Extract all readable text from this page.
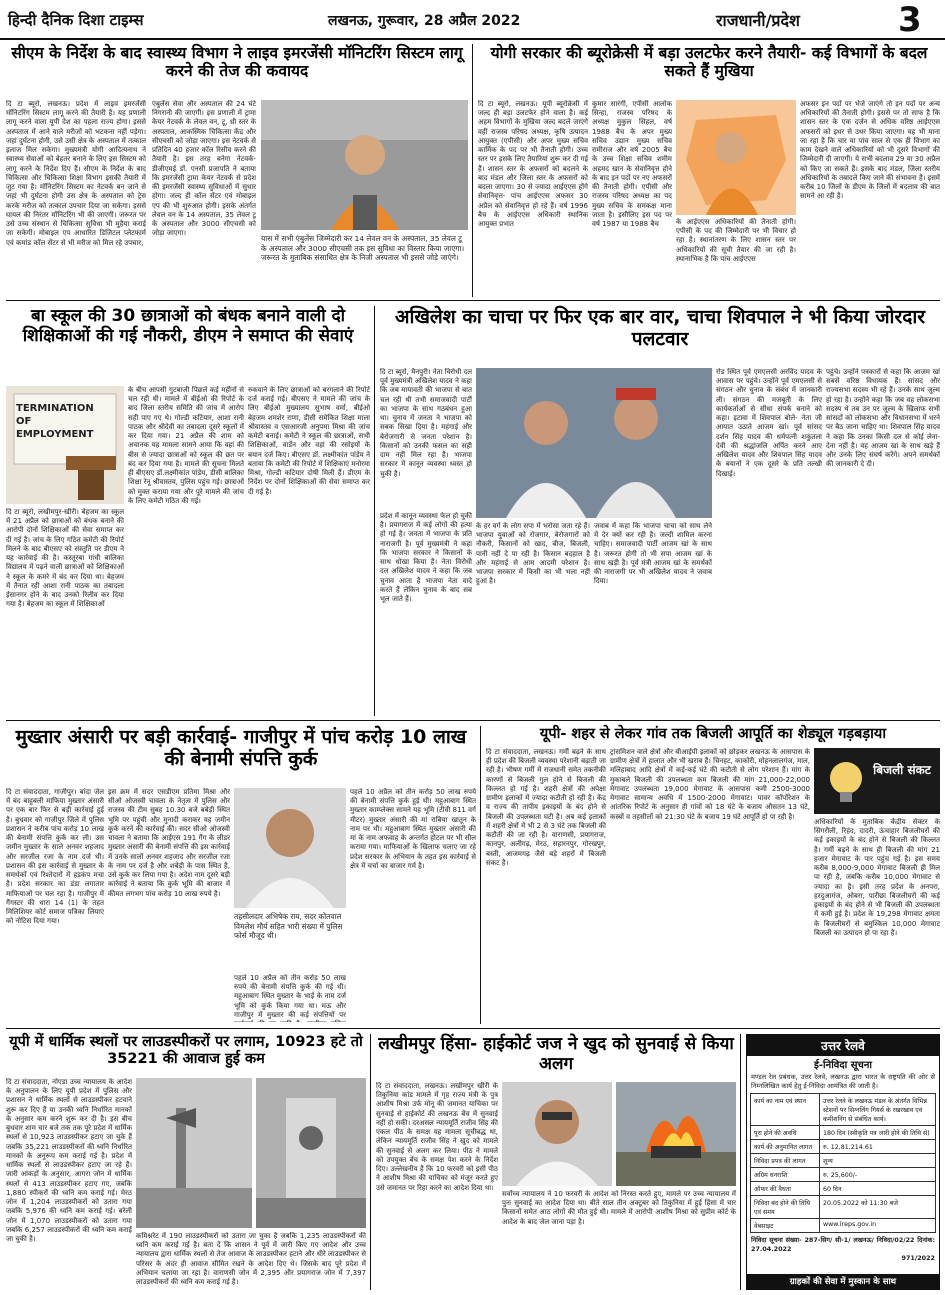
हिन्दी दैनिक दिशा टाइम्स	लखनऊ, गुरूवार, 28 अप्रैल 2022	राजधानी/प्रदेश	3
सीएम के निर्देश के बाद स्वास्थ्य विभाग ने लाइव इमरजेंसी मॉनिटरिंग सिस्टम लागू करने की तेज की कवायद
दि टा ब्यूरो, लखनऊ। प्रदेश में लाइव इमरजेंसी मॉनिटरिंग सिस्टम लागू करने की तैयारी है। यह प्रणाली लागू करने वाला यूपी देश का पहला राज्य होगा। इससे अस्पताल में आने वाले मरीजों को भटकना नहीं पड़ेगा। जहां दुर्घटना होगी, उसे उसी क्षेत्र के अस्पताल में तत्काल इलाज मिल सकेगा। मुख्यमंत्री योगी आदित्यनाथ ने स्वास्थ्य सेवाओं को बेहतर बनाने के लिए इस सिस्टम को लागू करने के निर्देश दिए हैं। सीएम के निर्देश के बाद चिकित्सा और चिकित्सा शिक्षा विभाग इसकी तैयारी में जुट गया है। मॉनिटरिंग सिस्टम का नेटवर्क बन जाने से जहां भी दुर्घटना होगी उस क्षेत्र के अस्पताल को ट्रेस करके मरीज को तत्काल उपचार दिया जा सकेगा। इससे घायल की निरंतर मॉनिटरिंग भी की जाएगी। जरूरत पर उसे उच्च संस्थान से चिकित्सा सुविधा भी मुहैया कराई जा सकेगी। मोबाइल एप आधारित डिजिटल प्लेटफार्म एवं कमांड कॉल सेंटर से भी मरीज को मिल रहे उपचार,
एंबुलेंस सेवा और अस्पताल की 24 घंटे निगरानी की जाएगी। इस प्रणाली में ट्रामा केयर नेटवर्क के लेवल वन, टू, थ्री स्तर के अस्पताल, आकस्मिक चिकित्सा केंद्र और सीएचसी को जोड़ा जाएगा। इस नेटवर्क से प्रतिदिन 40 हजार कॉल रिसीव करने की तैयारी है। इस तरह बनेगा नेटवर्क- डीजीएमई डॉ. एनसी प्रजापति ने बताया कि इमरजेंसी ट्रामा केयर नेटवर्क से प्रदेश की इमरजेंसी स्वास्थ्य सुविधाओं में सुधार होगा। जल्द ही कॉल सेंटर एवं मोबाइल एप की भी शुरुआत होगी। इसके अंतर्गत लेवल वन के 14 अस्पताल, 35 लेवल टू के अस्पताल और 3000 सीएचसी को जोड़ा जाएगा।
यास में सभी एंबुलेंस जिम्मेदारी कर 14 लेवल वन के अस्पताल, 35 लेवल टू के अस्पताल और 3000 सीएचसी तक इस सुविधा का विस्तार किया जाएगा। जरूरत के मुताबिक संसाधित क्षेत्र के निजी अस्पताल भी इससे जोड़े जाएंगे।
योगी सरकार की ब्यूरोक्रेसी में बड़ा उलटफेर करने तैयारी- कई विभागों के बदल सकते हैं मुखिया
दि टा ब्यूरो, लखनऊ। यूपी ब्यूरोक्रेसी में जल्द ही बड़ा उलटफेर होने वाला है। कई अहम विभागों के मुखिया जल्द बदले जाएंगे वहीं राजस्व परिषद अध्यक्ष, कृषि उत्पादन आयुक्त (एपीसी) और अपर मुख्य सचिव कार्मिक के पद पर भी तैनाती होगी। उच्च स्तर पर इसके लिए तैयारियां शुरू कर दी गई हैं। शासन स्तर के अफसरों को बदलने के बाद मंडल और जिला स्तर के अफसरों को बदला जाएगा। 30 से ज्यादा आईएएस होंगे सेवानिवृत्त- पांच आईएएस अफसर 30 अप्रैल को सेवानिवृत्त हो रहे हैं। वर्ष 1996 बैच के आईएएस अधिकारी स्थानिक आयुक्त प्रभात
कुमार सारंगी, एपीसी आलोक सिन्हा, राजस्व परिषद के अध्यक्ष मुकुल सिंहल, वर्ष 1988 बैच के अपर मुख्य सचिव उद्यान मुख्य सचिव रामीराज और वर्ष 2005 बैच के उच्च शिक्षा सचिव शमीम अहमद खान के सेवानिवृत्त होने के बाद इन पदों पर नए अफसरों की तैनाती होगी। एपीसी और राजस्व परिषद अध्यक्ष का पद मुख्य सचिव के समकक्ष माना जाता है। इसीलिए इस पद पर वर्ष 1987 या 1988 बैच	के आईएएस अधिकारियों की तैनाती होगी। एपीसी के पद की जिम्मेदारी पर भी विचार हो रहा है। स्थानांतरण के लिए शासन स्तर पर अधिकारियों की सूची तैयार की जा रही है। स्थानाभिक है कि पांच आईएएस
अफसर इन पदों पर भेजे जाएंगे तो इन पदों पर अन्य अधिकारियों की तैनाती होगी। इससे पर तो साफ है कि शासन स्तर के एक दर्जन से अधिक वरिष्ठ आईएएस अफसरों को इधर से उधर किया जाएगा। यह भी माना जा रहा है कि चार या पांच साल से एक ही विभाग का काम देखने वाले अधिकारियों को भी दूसरे विभागों की जिम्मेदारी दी जाएगी। ये सभी बदलाव 29 या 30 अप्रैल को किए जा सकते हैं। इसके बाद मंडल, जिला स्तरीय अधिकारियों के तबादले किए जाने की संभावना है। इसमें करीब 10 जिलों के डीएम के जिलों में बदलाव की बात सामने आ रही है।
बा स्कूल की 30 छात्राओं को बंधक बनाने वाली दो शिक्षिकाओं की गई नौकरी, डीएम ने समाप्त की सेवाएं
TERMINATION OF EMPLOYMENT
दि टा ब्यूरो, लखीमपुर-खीरी। बेहजम का स्कूल में 21 अप्रैल को छात्राओं को बंधक बनाने की आरोपी दोनों शिक्षिकाओं की सेवा समाप्त कर दी गई है। जांच के लिए गठित कमेटी की रिपोर्ट मिलने के बाद बीएसए को संस्तुति पर डीएम ने यह कार्रवाई की है। कस्तूरबा गांधी बालिका विद्यालय में पढ़ने वाली छात्राओं को शिक्षिकाओं ने स्कूल के कमरे में बंद कर दिया था। बेहजम में तैनात रही आशा रानी पाठक का तबादला ईसानगर होने के बाद उनको रिलीव कर दिया गया है। बेहजम का स्कूल में शिक्षिकाओं
के बीच आपसी गुटबाजी पिछले कई महीनों से चल रही थी। मामले में बीईओ की रिपोर्ट के बाद जिला स्तरीय समिति की जांच में आरोप सही पाए गए थे। गोल्डी कटियार, आशा रानी पाठक और श्रीदेवी का तबादला दूसरे स्कूलों में कर दिया गया। 21 अप्रैल की शाम को अचानक यह मामला सामने आया कि वहां की बीस से ज्यादा छात्राओं को स्कूल की छत पर बंद कर दिया गया है। मामले की सूचना मिलते ही बीएसए डॉ.लक्ष्मीकांत पांडेय, डीसी बालिका शिक्षा रेनू श्रीवास्तव, पुलिस पहुंच गई। छात्राओं को मुक्त कराया गया और पूरे मामले की जांच के लिए कमेटी गठित की गई।
रुकवाने के लिए छात्राओं को बरगलाने की रिपोर्ट दर्ज कराई गई। बीएसए ने मामले की जांच के लिए बीईओ मुख्यालय सुभाष वर्मा, बीईओ बेहजम शमशेर राणा, डीसी समेकित शिक्षा माला श्रीवास्तव व एसआरजी अनुपमा मिश्रा की जांच कमेटी बनाई। कमेटी ने स्कूल की छात्राओं, सभी शिक्षिकाओं, वार्डेन और वहां की रसोइयों के बयान दर्ज किए। बीएसए डॉ. लक्ष्मीकांत पांडेय ने बताया कि कमेटी की रिपोर्ट में शिक्षिकाएं मनोरमा मिश्रा, गोल्डी कटियार दोषी मिली हैं। डीएम के निर्देश पर दोनों शिक्षिकाओं की सेवा समाप्त कर दी गई है।
अखिलेश का चाचा पर फिर एक बार वार, चाचा शिवपाल ने भी किया जोरदार पलटवार
दि टा ब्यूरो, मैनपुरी। नेता विरोधी दल पूर्व मुख्यमंत्री अखिलेश यादव ने कहा कि जब मायावती की भाजपा से बात चल रही थी तभी समाजवादी पार्टी का भाजपा के साथ गठबंधन हुआ था। चुनाव में जनता ने भाजपा को सबक सिखा दिया है। महंगाई और बेरोजगारी से जनता परेशान है। किसानों को उनकी फसल का सही दाम नहीं मिल रहा है। भाजपा सरकार में कानून व्यवस्था ध्वस्त हो चुकी है।
प्रदेश में कानून व्यवस्था फेल हो चुकी है। प्रयागराज में कई लोगों की हत्या हो गई है। जनता में भाजपा के प्रति नाराजगी है। पूर्व मुख्यमंत्री ने कहा कि भाजपा सरकार ने किसानों के साथ धोखा किया है। नेता विरोधी दल अखिलेश यादव ने कहा कि जब चुनाव आता है भाजपा नेता वादे करते हैं लेकिन चुनाव के बाद सब भूल जाते हैं।
के हर वर्ग के लोग सपा में भरोसा जता रहे हैं। भाजपा युवाओं को रोजगार, बेरोजगारों को नौकरी, किसानों को खाद, बीज, बिजली, पानी नहीं दे पा रही है। किसान बदहाल है और महंगाई से आम आदमी परेशान है। भाजपा सरकार में किसी का भी भला नहीं हुआ है।
जवाब में कहा कि भाजपा चाचा को साथ लेने में देर क्यों कर रही है। जल्दी शामिल करना चाहिए। समाजवादी पार्टी आजम खां के साथ है। जरूरत होगी तो भी सपा आजम खां के साथ खड़ी है। पूर्व मंत्री आजम खां के समर्थकों की नाराजगी पर भी अखिलेश यादव ने जवाब दिया।
रोड स्थित पूर्व एमएलसी अरविंद यादव के आवास पर पहुंचे। उन्होंने पूर्व एमएलसी से संगठन और चुनाव के संबंध में जानकारी ली। संगठन की मजबूती के लिए कार्यकर्ताओं से सीधा संपर्क बनाने को कहा। इटावा में शिवपाल बोले- नेता जी आयात उठाते आजम खां। पूर्व सांसद दर्शन सिंह यादव की धर्मपत्नी शकुंतला देवी की श्रद्धांजलि अर्पित करने आए अखिलेश यादव और शिवपाल सिंह यादव के बयानों ने एक दूसरे के प्रति तल्खी दिखाई।
पहुंचे। उन्होंने पत्रकारों से कहा कि आजम खां सबसे वरिष्ठ विधायक हैं। सांसद और राज्यसभा सदस्य भी रहे हैं। उनके साथ जुल्म हो रहा है। उन्होंने कहा कि जब वह लोकसभा सदस्य थे तब उन पर जुल्म के खिलाफ सभी सांसदों को लोकसभा और विधानसभा में धरने पर बैठ जाना चाहिए था। शिवपाल सिंह यादव ने कहा कि उनका किसी दल से कोई लेना-देना नहीं है। वह आजम खां के साथ खड़े हैं और उनके लिए संघर्ष करेंगे। अपने समर्थकों की जानकारी दे दी।
मुख्तार अंसारी पर बड़ी कार्रवाई- गाजीपुर में पांच करोड़ 10 लाख की बेनामी संपत्ति कुर्क
दि टा संवाददाता, गाजीपुर। बांदा जेल में बंद बाहुबली माफिया मुख्तार अंसारी पर एक बार फिर से बड़ी कार्रवाई हुई है। बुधवार को गाजीपुर जिले में पुलिस प्रशासन ने करीब पांच करोड़ 10 लाख की बेनामी संपत्ति कुर्क कर ली। उस जमीन मुख्तार के साले अनवर शहजाद और सरजील रजा के नाम दर्ज थी। प्रशासन की इस कार्रवाई से मुख्तार के समर्थकों एवं रिश्तेदारों में हड़कंप मचा है। प्रदेश सरकार का डंडा लगातार माफियाओं पर चल रहा है। गाजीपुर में गैंगस्टर की धारा 14 (1) के तहत मिलिशियर कोर्ट समाज पत्रिका लियाएं को नोटिस दिया गया।
इस क्रम में सदर एसडीएम प्रतिमा मिश्रा और सीओ ओजस्वी चावला के नेतृत्व में पुलिस और राजस्व की टीम सुबह 10.30 बजे बबेड़ी स्थित भूमि पर पहुंची और मुनादी कराकर यह जमीन कुर्क करने की कार्रवाई की। सदर सीओ ओजस्वी चावला ने बताया कि आईएस 191 गैंग के लीडर मुख्तार अंसारी की बेनामी संपत्ति की इस कार्रवाई में उनके सालों अनवर शहजाद और सरजील रजा के नाम पर दर्ज है और शबेड़ी के पास स्थित है, उसे कुर्क कर लिया गया है। अदेश नाम दूसरे बड़ी कार्रवाई ने बताया कि कुर्क भूमि की बाजार में कीमत लगभग पांच करोड़ 10 लाख रुपये है।
तहसीलदार अभिषेक राय, सदर कोतवाल विमलेश मौर्य सहित भारी संख्या में पुलिस फोर्स मौजूद थी।
पहले 10 अप्रैल को तीन करोड़ 50 लाख रुपये की बेनामी संपत्ति कुर्क की गई थी। महुआबाग स्थित मुख्तार के भाई के नाम दर्ज भूमि को कुर्क किया गया था। मऊ और गाजीपुर में मुख्तार की कई संपत्तियों पर
पहले 10 अप्रैल को तीन करोड़ 50 लाख रुपये की बेनामी संपत्ति कुर्क हुई थी। महुआबाग स्थित मुख्तार काम्प्लेक्स सामने यह भूमि (टीवी 811 वर्ग मीटर) मुख्तार अंसारी की मां राबिया खातून के नाम पर थी। महुआबाग स्थित मुख्तार अंसारी की मां के नाम अफवाह के अन्तर्गत होटल पर भी सील कराया गया। माफियाओं के खिलाफ चलाए जा रहे प्रदेश सरकार के अभियान के तहत इस कार्रवाई से क्षेत्र में चर्चा का बाजार गर्म है।
यूपी- शहर से लेकर गांव तक बिजली आपूर्ति का शेड्यूल गड़बड़ाया
दि टा संवाददाता, लखनऊ। गर्मी बढ़ने के साथ ही प्रदेश की बिजली व्यवस्था परेशानी बढ़ाती जा रही है। भीषण गर्मी में राजधानी समेत तकनीकी कारणों से बिजली गुल होने से बिजली की किल्लत हो गई है। शहरी क्षेत्रों की अपेक्षा ग्रामीण इलाकों में ज्यादा कटौती हो रही है। केंद्र व राज्य की तापीय इकाइयों के बंद होने से बिजली की उपलब्धता घटी है। अब कई इलाकों में शहरी क्षेत्रों में भी 2 से 3 घंटे तक बिजली की कटौती की जा रही है। वाराणसी, प्रयागराज, कानपुर, अलीगढ़, मेरठ, सहारनपुर, गोरखपुर, बस्ती, आजमगढ़ जैसे बड़े शहरों में बिजली संकट है।
ट्रांसमिशन वाले क्षेत्रों और बीआईपी इलाकों को छोड़कर लखनऊ के आसपास के ग्रामीण क्षेत्रों में हालात और भी खराब हैं। चिनहट, काकोरी, मोहनलालगंज, माल, मलिहाबाद आदि क्षेत्रों में कई-कई घंटे की कटौती से लोग परेशान हैं। मांग के मुकाबले बिजली की उपलब्धता कम बिजली की मांग 21,000-22,000 मेगावाट उपलब्धता 19,000 मेगावाट के आसपास कमी 2500-3000 मेगावाट सामान्य अवधि में 1500-2000 मेगावाट। पावर कॉर्पोरेशन के आंतरिक रिपोर्ट के अनुसार ही गांवों को 18 घंटे के बजाय औसतन 13 घंटे, कस्बों व तहसीलों को 21:30 घंटे के बजाय 19 घंटे आपूर्ति हो पा रही है।
बिजली संकट
अधिकारियों के मुताबिक केंद्रीय सेक्टर के सिंगरौली, रिहंद, दादरी, ऊंचाहार बिजलीघरों की कई इकाइयों के बंद होने से बिजली की किल्लत है। गर्मी बढ़ने के साथ ही बिजली की मांग 21 हजार मेगावाट के पार पहुंच गई है। इस समय करीब 8,000-9,000 मेगावाट बिजली ही मिल पा रही है, जबकि करीब 10,000 मेगावाट से ज्यादा का है। इसी तरह प्रदेश के अनपरा, हरदुआगंज, ओबरा, पारीछा बिजलीघरों की कई इकाइयों के बंद होने से भी बिजली की उपलब्धता में कमी हुई है। प्रदेश के 19,298 मेगावाट क्षमता के बिजलीघरों से बमुश्किल 10,000 मेगावाट बिजली का उत्पादन हो पा रहा है।
यूपी में धार्मिक स्थलों पर लाउडस्पीकरों पर लगाम, 10923 हटे तो 35221 की आवाज हुई कम
दि टा संवाददाता, नोएडा उच्च न्यायालय के आदेश के अनुपालन के लिए यूपी प्रदेश में पुलिस और प्रशासन ने धार्मिक स्थलों से लाउडस्पीकर हटवाने शुरू कर दिए हैं या उनकी ध्वनि निर्धारित मानकों के अनुसार कम करने शुरू कर दी है। इस बीच बुधवार शाम चार बजे तक तक पूरे प्रदेश में धार्मिक स्थलों से 10,923 लाउडस्पीकर हटाए जा चुके हैं जबकि 35,221 लाउडस्पीकरों की ध्वनि निर्धारित मानकों के अनुरूप कम कराई गई है। प्रदेश में धार्मिक स्थलों से लाउडस्पीकर हटाए जा रहे हैं। जारी आंकड़ों के अनुसार, आगरा जोन में धार्मिक स्थलों से 413 लाउडस्पीकर हटाए गए, जबकि 1,880 स्पीकरों की ध्वनि कम कराई गई। मेरठ जोन में 1,204 लाउडस्पीकरों को उतारा गया जबकि 5,976 की ध्वनि कम कराई गई। बरेली जोन में 1,070 लाउडस्पीकरों को उतारा गया जबकि 6,257 लाउडस्पीकरों की ध्वनि कम कराई जा चुकी है।	कमिश्नरेट में 190 लाउडस्पीकरों को उतारा जा चुका है जबकि 1,235 लाउडस्पीकरों की ध्वनि कम कराई गई है। बता दें कि शासन ने पूर्व में जारी किए गए आदेश और उच्च न्यायालय द्वारा धार्मिक स्थलों से तेज आवाज के लाउडस्पीकर हटाने और धीरे लाउडस्पीकर से परिसर के अंदर ही आवाज सीमित रखने के आदेश दिए थे। जिसके बाद पूरे प्रदेश में अभियान चलाया जा रहा है। वाराणसी जोन में 2,395 और प्रयागराज जोन में 7,397 लाउडस्पीकरों की ध्वनि कम कराई गई है।
लखीमपुर हिंसा- हाईकोर्ट जज ने खुद को सुनवाई से किया अलग
दि टा संवाददाता, लखनऊ। लखीमपुर खीरी के तिकुनिया कांड मामले में गृह राज्य मंत्री के पुत्र आशीष मिश्रा उर्फ मोनू की जमानत याचिका पर सुनवाई से हाईकोर्ट की लखनऊ बेंच में सुनवाई नहीं हो सकी। दरअसल न्यायमूर्ति राजीव सिंह की एकल पीठ के समक्ष यह मामला सूचीबद्ध था, लेकिन न्यायमूर्ति राजीव सिंह ने खुद को मामले की सुनवाई से अलग कर लिया। पीठ ने मामले को उपयुक्त बेंच के समक्ष पेश करने के निर्देश दिए। उल्लेखनीय है कि 10 फरवरी को इसी पीठ ने आशीष मिश्रा की याचिका को मंजूर करते हुए उसे जमानत पर रिहा करने का आदेश दिया था।
सर्वोच्च न्यायालय ने 10 फरवरी के आदेश को निरस्त करते हुए, मामले पर उच्च न्यायालय में पुनः सुनवाई का आदेश दिया था। बीते साल तीन अक्टूबर को तिकुनिया में हुई हिंसा में चार किसानों समेत आठ लोगों की मौत हुई थी। मामले में आरोपी आशीष मिश्रा को सुप्रीम कोर्ट के आदेश के बाद जेल जाना पड़ा है।
उत्तर रेलवे
ई-निविदा सूचना
मण्डल रेल प्रबंधक, उत्तर रेलवे, लखनऊ द्वारा भारत के राष्ट्रपति की ओर से निम्नलिखित कार्य हेतु ई-निविदा आमंत्रित की जाती है।
कार्य का नाम एवं स्थान	उत्तर रेलवे के लखनऊ मंडल के अंतर्गत विभिन्न स्टेशनों पर सिग्नलिंग गियर्स के रखरखाव एवं कमीशनिंग से संबंधित कार्य।
पूरा होने की अवधि	180 दिन (स्वीकृति पत्र जारी होने की तिथि से)
कार्य की अनुमानित लागत	रु. 12,81,214.61
निविदा प्रपत्र की लागत	शून्य
अग्रिम धनराशि	रु. 25,600/-
ऑफर की वैधता	60 दिन
निविदा बंद होने की तिथि एवं समय	20.05.2022 को 11:30 बजे
वेबसाइट	www.ireps.gov.in
निविदा सूचना संख्या- 287-सिग/ सी-1/ लखनऊ/ निविदा/02/22 दिनांक: 27.04.2022
971/2022
ग्राहकों की सेवा में मुस्कान के साथ
